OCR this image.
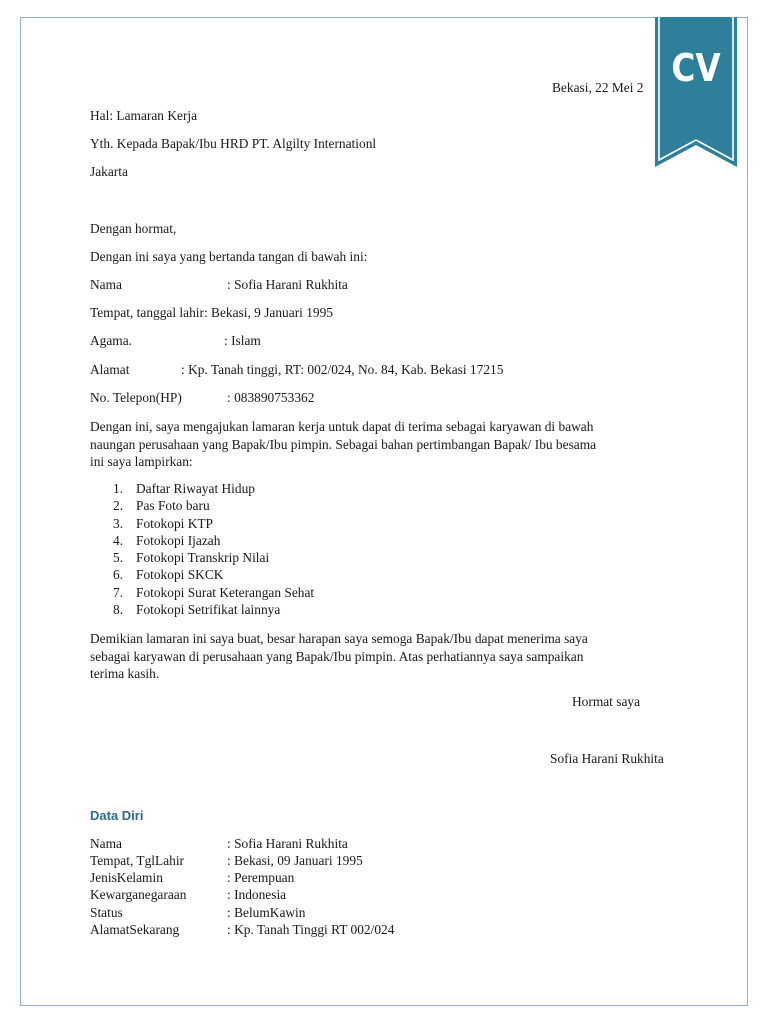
CV
Bekasi, 22 Mei 2
Hal: Lamaran Kerja
Yth. Kepada Bapak/Ibu HRD PT. Algilty Internationl
Jakarta
Dengan hormat,
Dengan ini saya yang bertanda tangan di bawah ini:
Nama	: Sofia Harani Rukhita
Tempat, tanggal lahir: Bekasi, 9 Januari 1995
Agama.	: Islam
Alamat	: Kp. Tanah tinggi, RT: 002/024, No. 84, Kab. Bekasi 17215
No. Telepon(HP)	: 083890753362
Dengan ini, saya mengajukan lamaran kerja untuk dapat di terima sebagai karyawan di bawah
naungan perusahaan yang Bapak/Ibu pimpin. Sebagai bahan pertimbangan Bapak/ Ibu besama
ini saya lampirkan:
1. Daftar Riwayat Hidup
2. Pas Foto baru
3. Fotokopi KTP
4. Fotokopi Ijazah
5. Fotokopi Transkrip Nilai
6. Fotokopi SKCK
7. Fotokopi Surat Keterangan Sehat
8. Fotokopi Setrifikat lainnya
Demikian lamaran ini saya buat, besar harapan saya semoga Bapak/Ibu dapat menerima saya
sebagai karyawan di perusahaan yang Bapak/Ibu pimpin. Atas perhatiannya saya sampaikan
terima kasih.
Hormat saya
Sofia Harani Rukhita
Data Diri
Nama	: Sofia Harani Rukhita
Tempat, TglLahir	: Bekasi, 09 Januari 1995
JenisKelamin	: Perempuan
Kewarganegaraan	: Indonesia
Status	: BelumKawin
AlamatSekarang	: Kp. Tanah Tinggi RT 002/024
